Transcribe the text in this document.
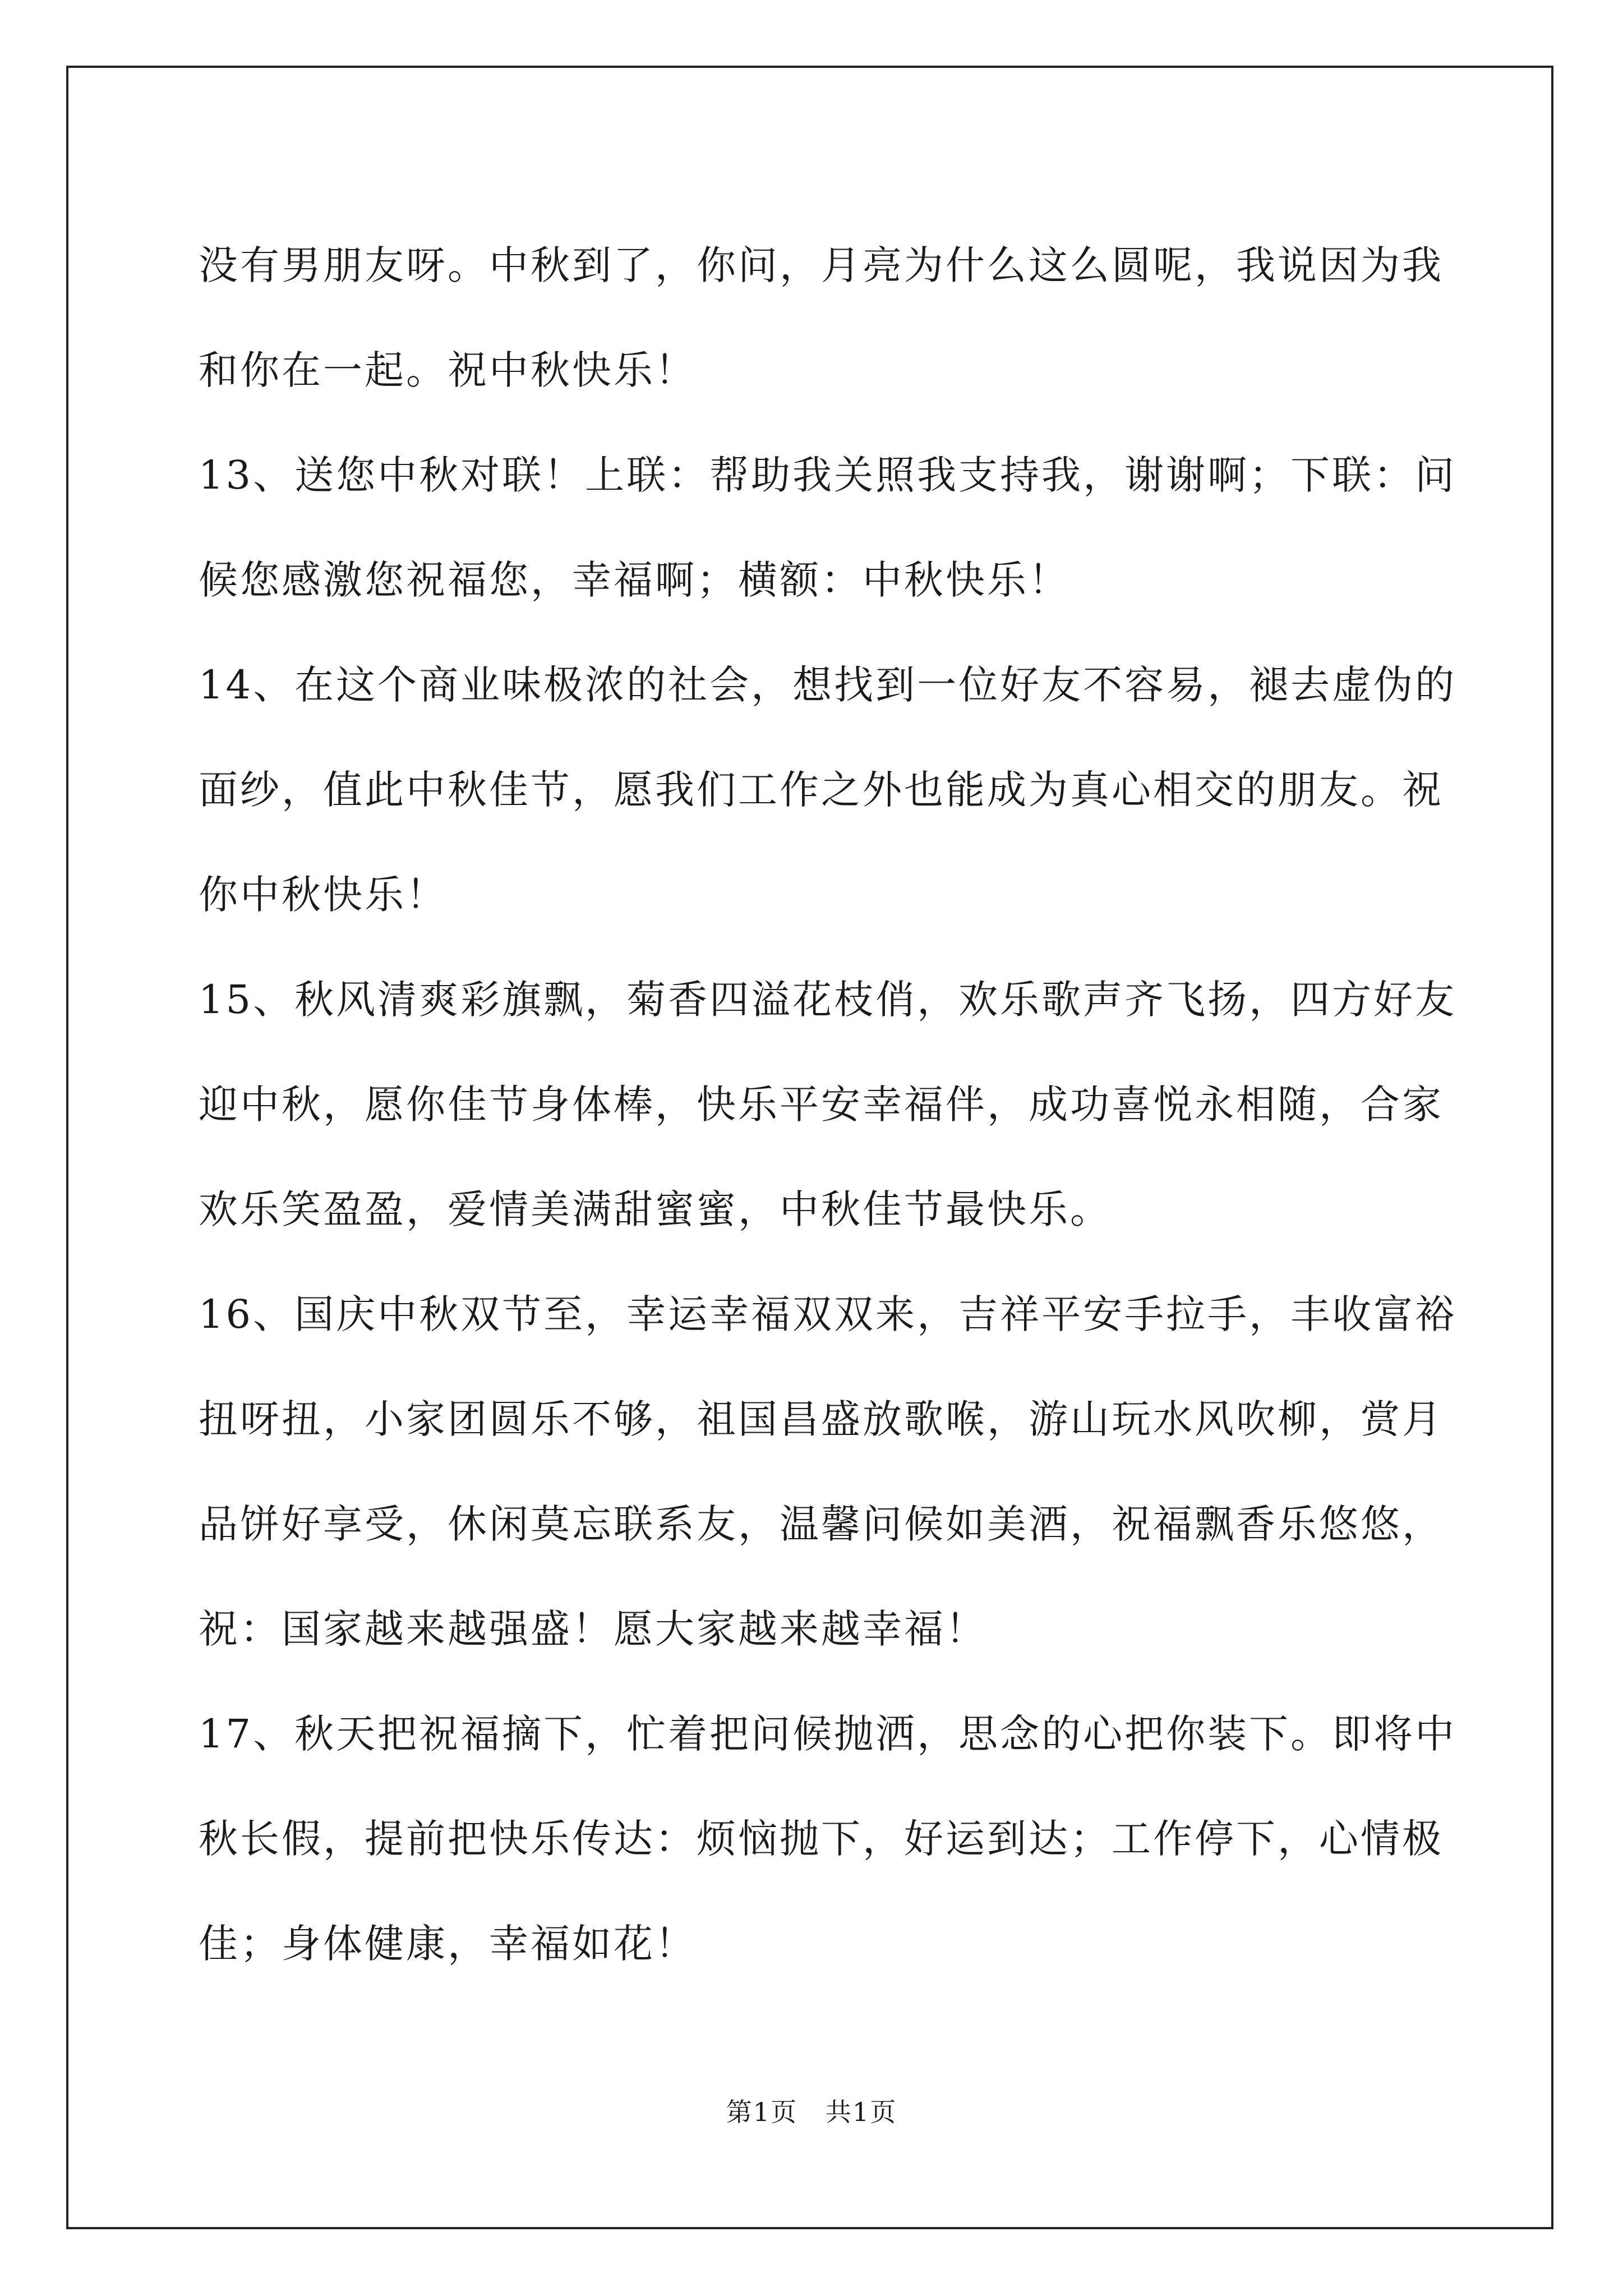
没有男朋友呀。中秋到了，你问，月亮为什么这么圆呢，我说因为我
和你在一起。祝中秋快乐！
13、送您中秋对联！上联：帮助我关照我支持我，谢谢啊；下联：问
候您感激您祝福您，幸福啊；横额：中秋快乐！
14、在这个商业味极浓的社会，想找到一位好友不容易，褪去虚伪的
面纱，值此中秋佳节，愿我们工作之外也能成为真心相交的朋友。祝
你中秋快乐！
15、秋风清爽彩旗飘，菊香四溢花枝俏，欢乐歌声齐飞扬，四方好友
迎中秋，愿你佳节身体棒，快乐平安幸福伴，成功喜悦永相随，合家
欢乐笑盈盈，爱情美满甜蜜蜜，中秋佳节最快乐。
16、国庆中秋双节至，幸运幸福双双来，吉祥平安手拉手，丰收富裕
扭呀扭，小家团圆乐不够，祖国昌盛放歌喉，游山玩水风吹柳，赏月
品饼好享受，休闲莫忘联系友，温馨问候如美酒，祝福飘香乐悠悠，
祝：国家越来越强盛！愿大家越来越幸福！
17、秋天把祝福摘下，忙着把问候抛洒，思念的心把你装下。即将中
秋长假，提前把快乐传达：烦恼抛下，好运到达；工作停下，心情极
佳；身体健康，幸福如花！
第1页   共1页
